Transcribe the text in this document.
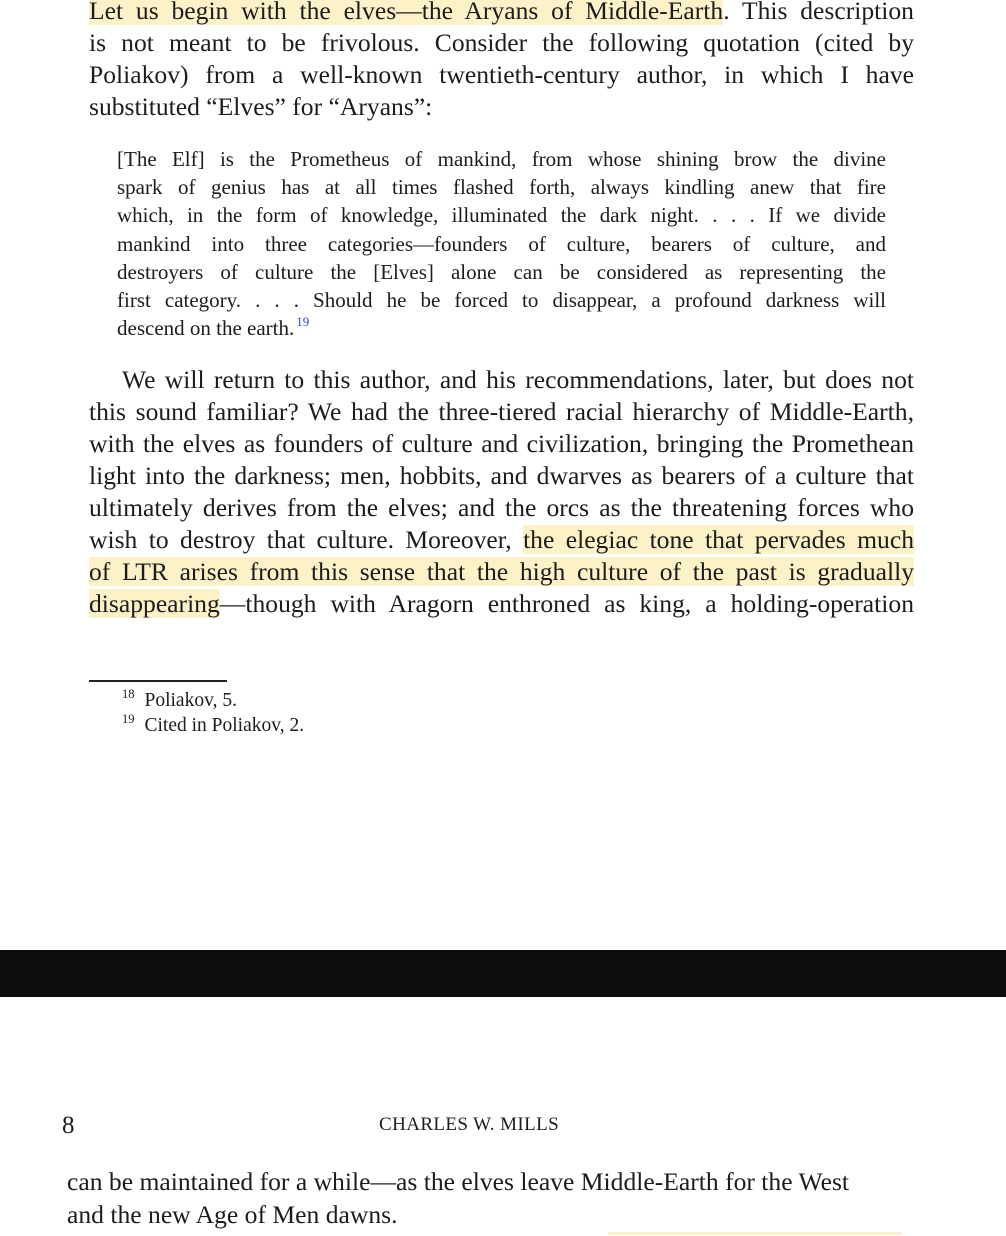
Let us begin with the elves—the Aryans of Middle-Earth. This description
is not meant to be frivolous. Consider the following quotation (cited by
Poliakov) from a well-known twentieth-century author, in which I have
substituted “Elves” for “Aryans”:
[The Elf] is the Prometheus of mankind, from whose shining brow the divine
spark of genius has at all times flashed forth, always kindling anew that fire
which, in the form of knowledge, illuminated the dark night. . . . If we divide
mankind into three categories—founders of culture, bearers of culture, and
destroyers of culture the [Elves] alone can be considered as representing the
first category. . . . Should he be forced to disappear, a profound darkness will
descend on the earth. $^{19}$
We will return to this author, and his recommendations, later, but does not
this sound familiar? We had the three-tiered racial hierarchy of Middle-Earth,
with the elves as founders of culture and civilization, bringing the Promethean
light into the darkness; men, hobbits, and dwarves as bearers of a culture that
ultimately derives from the elves; and the orcs as the threatening forces who
wish to destroy that culture. Moreover, the elegiac tone that pervades much
of LTR arises from this sense that the high culture of the past is gradually
disappearing—though with Aragorn enthroned as king, a holding-operation
$^{18}$ Poliakov, 5.
$^{19}$ Cited in Poliakov, 2.
8	CHARLES W. MILLS
can be maintained for a while—as the elves leave Middle-Earth for the West
and the new Age of Men dawns.
